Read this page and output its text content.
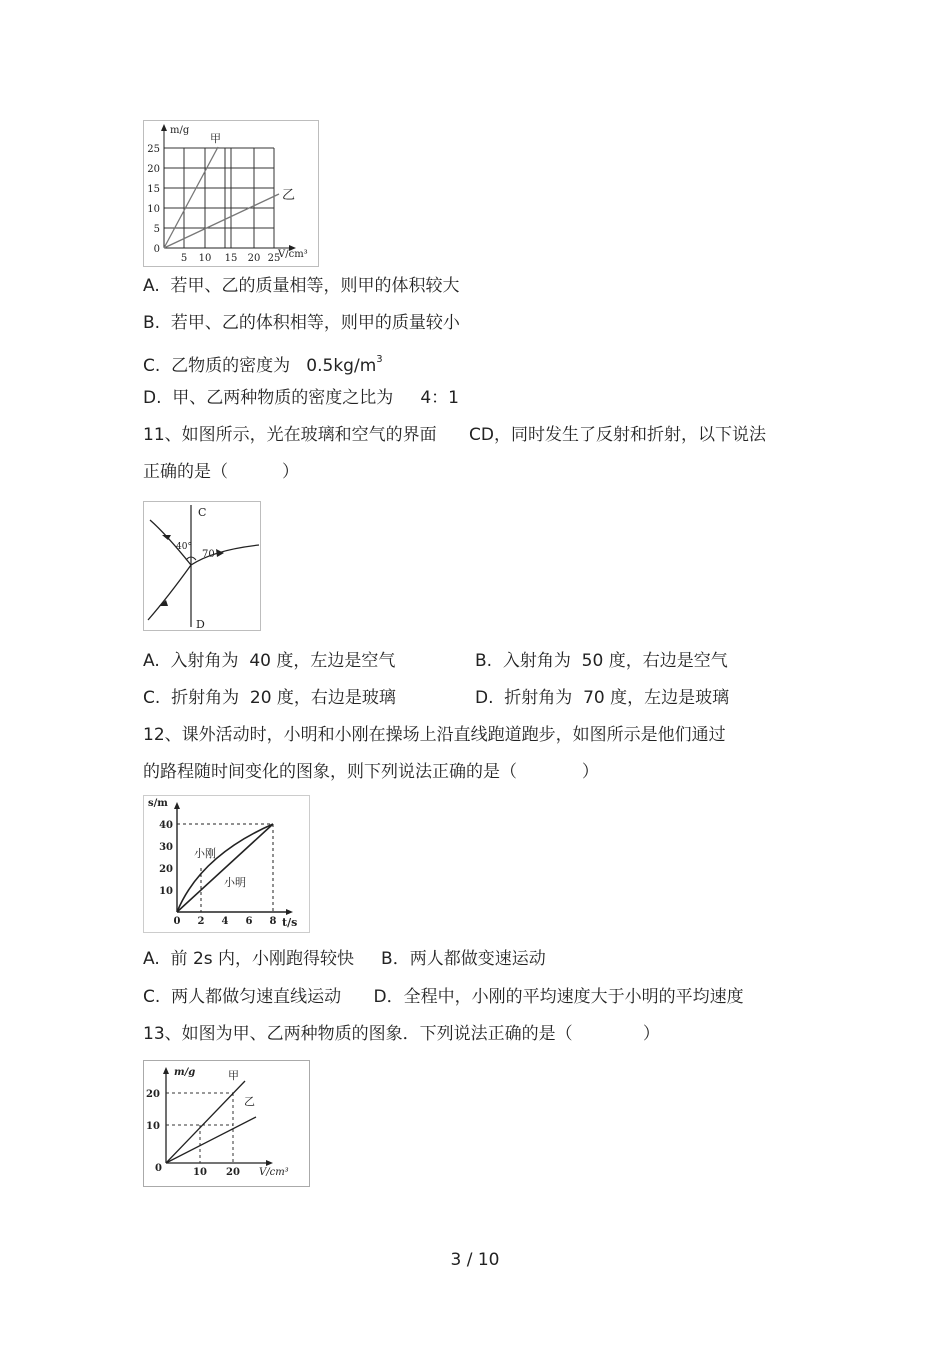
m/g
V/cm³
甲
乙
0
5
10
15
20
25
5 10 15 20 25
A.  若甲、乙的质量相等，则甲的体积较大
B.  若甲、乙的体积相等，则甲的质量较小
C.  乙物质的密度为   $0.5kg/m^3$
D.  甲、乙两种物质的密度之比为     4：1
11、如图所示，光在玻璃和空气的界面      CD，同时发生了反射和折射，以下说法
正确的是（          ）
C
D
40°
70
A.  入射角为  40 度，左边是空气	B.  入射角为  50 度，右边是空气
C.  折射角为  20 度，右边是玻璃	D.  折射角为  70 度，左边是玻璃
12、课外活动时，小明和小刚在操场上沿直线跑道跑步，如图所示是他们通过
的路程随时间变化的图象，则下列说法正确的是（            ）
s/m
t/s
小刚
小明
10
20
30
40
0 2 4 6 8
A.  前 2s 内，小刚跑得较快     B．两人都做变速运动
C.  两人都做匀速直线运动      D．全程中，小刚的平均速度大于小明的平均速度
13、如图为甲、乙两种物质的图象．下列说法正确的是（             ）
m/g
V/cm³
甲
乙
0
10
20
10 20
3 / 10
